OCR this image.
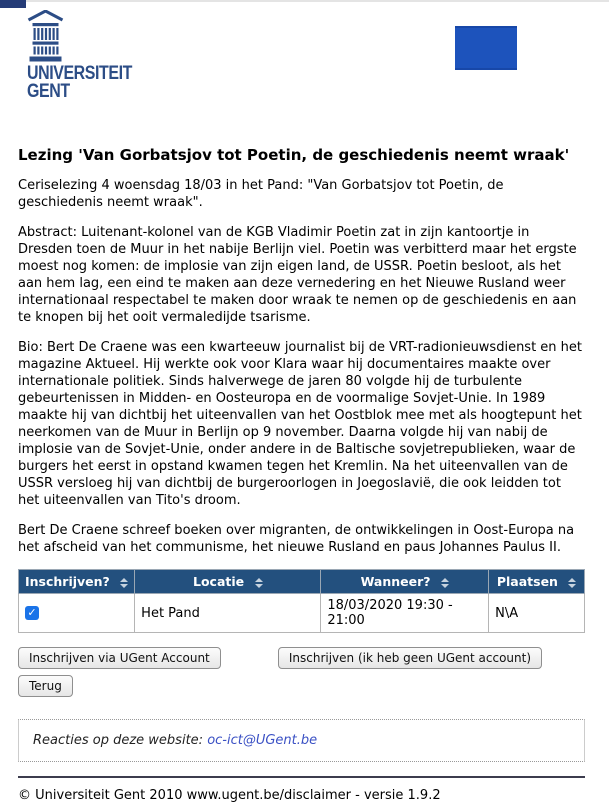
UNIVERSITEIT
GENT
Lezing 'Van Gorbatsjov tot Poetin, de geschiedenis neemt wraak'

Ceriselezing 4 woensdag 18/03 in het Pand: "Van Gorbatsjov tot Poetin, de geschiedenis neemt wraak".

Abstract: Luitenant-kolonel van de KGB Vladimir Poetin zat in zijn kantoortje in Dresden toen de Muur in het nabije Berlijn viel. Poetin was verbitterd maar het ergste moest nog komen: de implosie van zijn eigen land, de USSR. Poetin besloot, als het aan hem lag, een eind te maken aan deze vernedering en het Nieuwe Rusland weer internationaal respectabel te maken door wraak te nemen op de geschiedenis en aan te knopen bij het ooit vermaledijde tsarisme.

Bio: Bert De Craene was een kwarteeuw journalist bij de VRT-radionieuwsdienst en het magazine Aktueel. Hij werkte ook voor Klara waar hij documentaires maakte over internationale politiek. Sinds halverwege de jaren 80 volgde hij de turbulente gebeurtenissen in Midden- en Oosteuropa en de voormalige Sovjet-Unie. In 1989 maakte hij van dichtbij het uiteenvallen van het Oostblok mee met als hoogtepunt het neerkomen van de Muur in Berlijn op 9 november. Daarna volgde hij van nabij de implosie van de Sovjet-Unie, onder andere in de Baltische sovjetrepublieken, waar de burgers het eerst in opstand kwamen tegen het Kremlin. Na het uiteenvallen van de USSR versloeg hij van dichtbij de burgeroorlogen in Joegoslavië, die ook leidden tot het uiteenvallen van Tito's droom.

Bert De Craene schreef boeken over migranten, de ontwikkelingen in Oost-Europa na het afscheid van het communisme, het nieuwe Rusland en paus Johannes Paulus II.

Inschrijven?	Locatie	Wanneer?	Plaatsen

✓	Het Pand	18/03/2020 19:30 - 21:00	N\A
Inschrijven via UGent Account	Inschrijven (ik heb geen UGent account)
Terug
Reacties op deze website: oc-ict@UGent.be
© Universiteit Gent 2010 www.ugent.be/disclaimer - versie 1.9.2
